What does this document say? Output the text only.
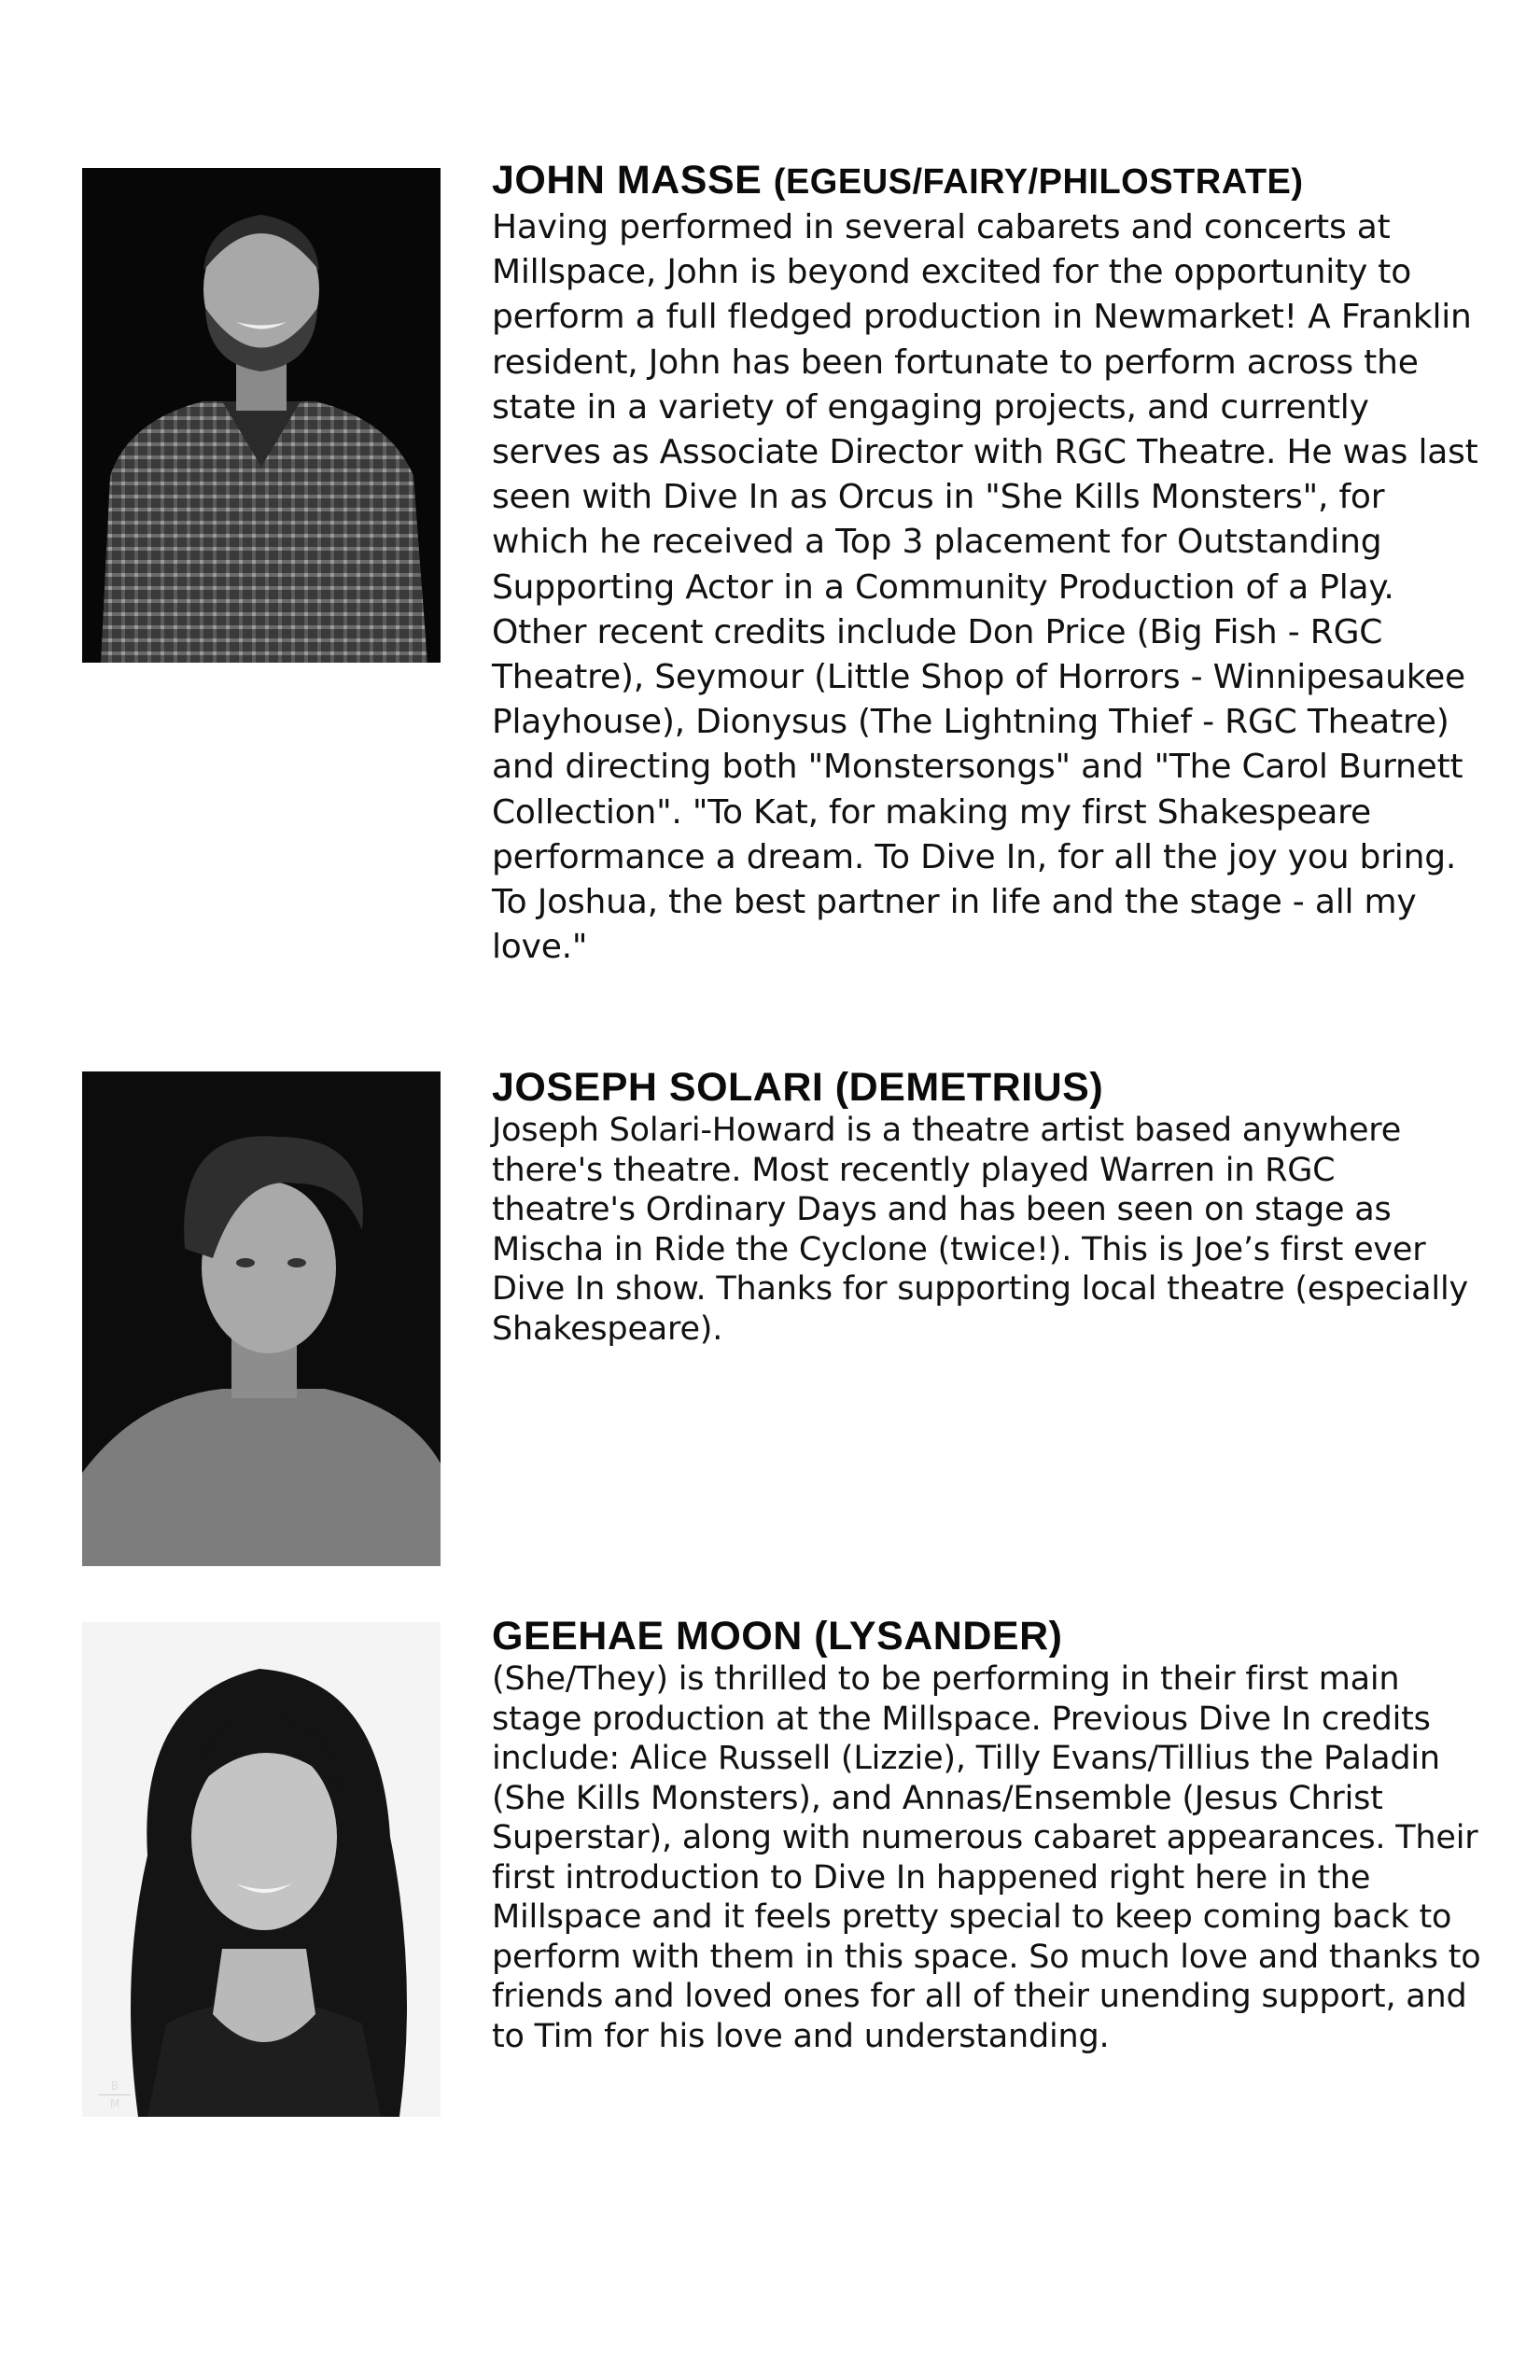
JOHN MASSE (EGEUS/FAIRY/PHILOSTRATE)

Having performed in several cabarets and concerts at Millspace, John is beyond excited for the opportunity to perform a full fledged production in Newmarket! A Franklin resident, John has been fortunate to perform across the state in a variety of engaging projects, and currently serves as Associate Director with RGC Theatre. He was last seen with Dive In as Orcus in "She Kills Monsters", for which he received a Top 3 placement for Outstanding Supporting Actor in a Community Production of a Play. Other recent credits include Don Price (Big Fish - RGC Theatre), Seymour (Little Shop of Horrors - Winnipesaukee Playhouse), Dionysus (The Lightning Thief - RGC Theatre) and directing both "Monstersongs" and "The Carol Burnett Collection". "To Kat, for making my first Shakespeare performance a dream. To Dive In, for all the joy you bring. To Joshua, the best partner in life and the stage - all my love."

JOSEPH SOLARI (DEMETRIUS)

Joseph Solari-Howard is a theatre artist based anywhere there's theatre. Most recently played Warren in RGC theatre's Ordinary Days and has been seen on stage as Mischa in Ride the Cyclone (twice!). This is Joe’s first ever Dive In show. Thanks for supporting local theatre (especially Shakespeare).

B
M
GEEHAE MOON (LYSANDER)

(She/They) is thrilled to be performing in their first main stage production at the Millspace. Previous Dive In credits include: Alice Russell (Lizzie), Tilly Evans/Tillius the Paladin (She Kills Monsters), and Annas/Ensemble (Jesus Christ Superstar), along with numerous cabaret appearances. Their first introduction to Dive In happened right here in the Millspace and it feels pretty special to keep coming back to perform with them in this space. So much love and thanks to friends and loved ones for all of their unending support, and to Tim for his love and understanding.
